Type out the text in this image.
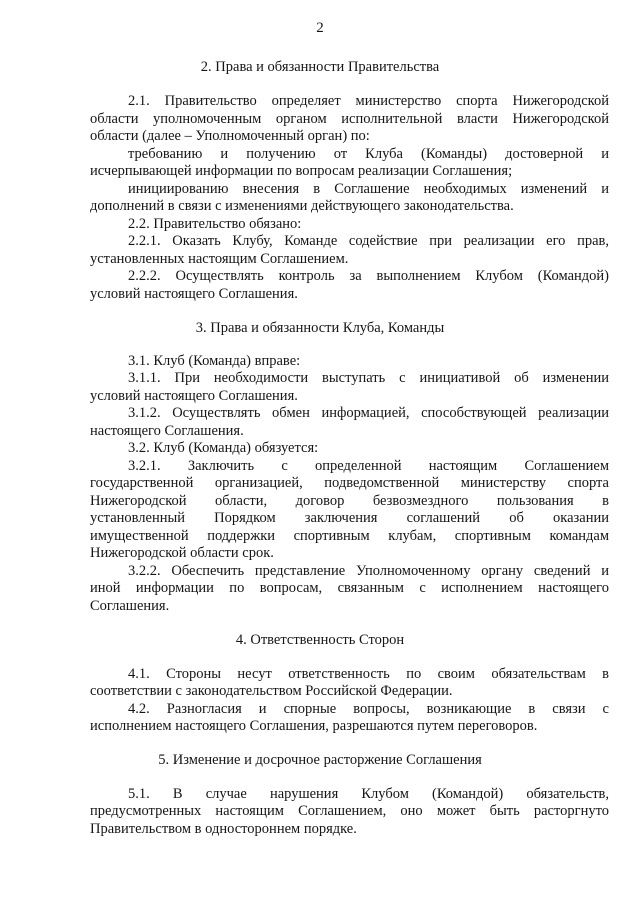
2
2. Права и обязанности Правительства
2.1. Правительство определяет министерство спорта Нижегородской
области уполномоченным органом исполнительной власти Нижегородской
области (далее – Уполномоченный орган) по:
требованию и получению от Клуба (Команды) достоверной и
исчерпывающей информации по вопросам реализации Соглашения;
инициированию внесения в Соглашение необходимых изменений и
дополнений в связи с изменениями действующего законодательства.
2.2. Правительство обязано:
2.2.1. Оказать Клубу, Команде содействие при реализации его прав,
установленных настоящим Соглашением.
2.2.2. Осуществлять контроль за выполнением Клубом (Командой)
условий настоящего Соглашения.
3. Права и обязанности Клуба, Команды
3.1. Клуб (Команда) вправе:
3.1.1. При необходимости выступать с инициативой об изменении
условий настоящего Соглашения.
3.1.2. Осуществлять обмен информацией, способствующей реализации
настоящего Соглашения.
3.2. Клуб (Команда) обязуется:
3.2.1. Заключить с определенной настоящим Соглашением
государственной организацией, подведомственной министерству спорта
Нижегородской области, договор безвозмездного пользования в
установленный Порядком заключения соглашений об оказании
имущественной поддержки спортивным клубам, спортивным командам
Нижегородской области срок.
3.2.2. Обеспечить представление Уполномоченному органу сведений и
иной информации по вопросам, связанным с исполнением настоящего
Соглашения.
4. Ответственность Сторон
4.1. Стороны несут ответственность по своим обязательствам в
соответствии с законодательством Российской Федерации.
4.2. Разногласия и спорные вопросы, возникающие в связи с
исполнением настоящего Соглашения, разрешаются путем переговоров.
5. Изменение и досрочное расторжение Соглашения
5.1. В случае нарушения Клубом (Командой) обязательств,
предусмотренных настоящим Соглашением, оно может быть расторгнуто
Правительством в одностороннем порядке.
